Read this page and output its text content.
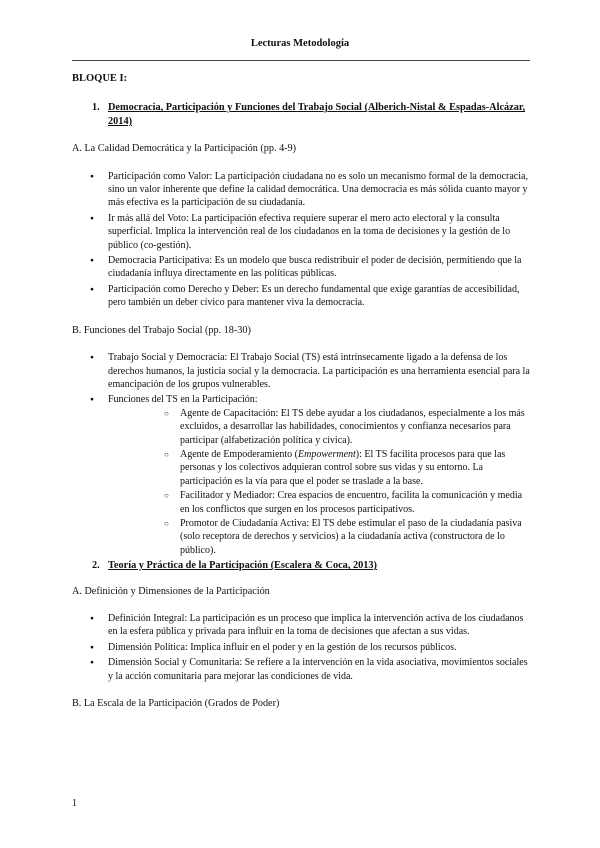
Lecturas Metodología

BLOQUE I:

1. Democracia, Participación y Funciones del Trabajo Social (Alberich-Nistal & Espadas-Alcázar, 2014)

A. La Calidad Democrática y la Participación (pp. 4-9)

● Participación como Valor: La participación ciudadana no es solo un mecanismo formal de la democracia, sino un valor inherente que define la calidad democrática. Una democracia es más sólida cuanto mayor y más efectiva es la participación de su ciudadanía.
● Ir más allá del Voto: La participación efectiva requiere superar el mero acto electoral y la consulta superficial. Implica la intervención real de los ciudadanos en la toma de decisiones y la gestión de lo público (co-gestión).
● Democracia Participativa: Es un modelo que busca redistribuir el poder de decisión, permitiendo que la ciudadanía influya directamente en las políticas públicas.
● Participación como Derecho y Deber: Es un derecho fundamental que exige garantías de accesibilidad, pero también un deber cívico para mantener viva la democracia.

B. Funciones del Trabajo Social (pp. 18-30)

● Trabajo Social y Democracia: El Trabajo Social (TS) está intrínsecamente ligado a la defensa de los derechos humanos, la justicia social y la democracia. La participación es una herramienta esencial para la emancipación de los grupos vulnerables.
● Funciones del TS en la Participación:
○ Agente de Capacitación: El TS debe ayudar a los ciudadanos, especialmente a los más excluidos, a desarrollar las habilidades, conocimientos y confianza necesarios para participar (alfabetización política y cívica).
○ Agente de Empoderamiento (Empowerment): El TS facilita procesos para que las personas y los colectivos adquieran control sobre sus vidas y su entorno. La participación es la vía para que el poder se traslade a la base.
○ Facilitador y Mediador: Crea espacios de encuentro, facilita la comunicación y media en los conflictos que surgen en los procesos participativos.
○ Promotor de Ciudadanía Activa: El TS debe estimular el paso de la ciudadanía pasiva (solo receptora de derechos y servicios) a la ciudadanía activa (constructora de lo público).
2. Teoría y Práctica de la Participación (Escalera & Coca, 2013)

A. Definición y Dimensiones de la Participación

● Definición Integral: La participación es un proceso que implica la intervención activa de los ciudadanos en la esfera pública y privada para influir en la toma de decisiones que afectan a sus vidas.
● Dimensión Política: Implica influir en el poder y en la gestión de los recursos públicos.
● Dimensión Social y Comunitaria: Se refiere a la intervención en la vida asociativa, movimientos sociales y la acción comunitaria para mejorar las condiciones de vida.

B. La Escala de la Participación (Grados de Poder)

1
